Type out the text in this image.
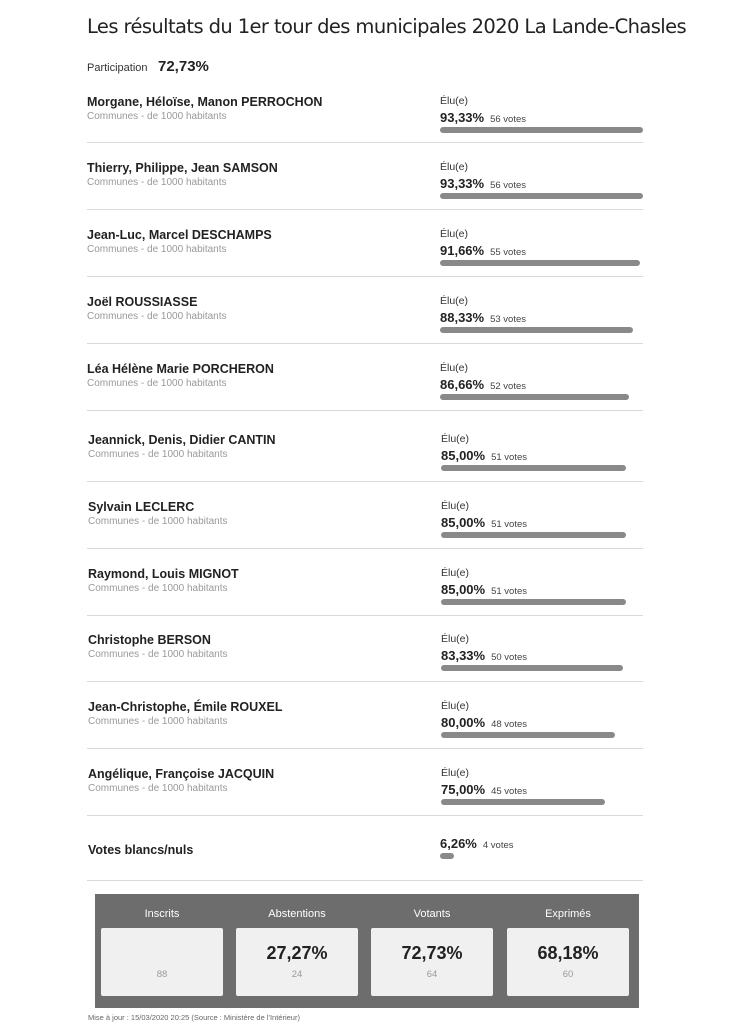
Les résultats du 1er tour des municipales 2020 La Lande-Chasles
Participation 72,73%
Morgane, Héloïse, Manon PERROCHON
Communes - de 1000 habitants
Élu(e)
93,33% 56 votes
Thierry, Philippe, Jean SAMSON
Communes - de 1000 habitants
Élu(e)
93,33% 56 votes
Jean-Luc, Marcel DESCHAMPS
Communes - de 1000 habitants
Élu(e)
91,66% 55 votes
Joël ROUSSIASSE
Communes - de 1000 habitants
Élu(e)
88,33% 53 votes
Léa Hélène Marie PORCHERON
Communes - de 1000 habitants
Élu(e)
86,66% 52 votes
Jeannick, Denis, Didier CANTIN
Communes - de 1000 habitants
Élu(e)
85,00% 51 votes
Sylvain LECLERC
Communes - de 1000 habitants
Élu(e)
85,00% 51 votes
Raymond, Louis MIGNOT
Communes - de 1000 habitants
Élu(e)
85,00% 51 votes
Christophe BERSON
Communes - de 1000 habitants
Élu(e)
83,33% 50 votes
Jean-Christophe, Émile ROUXEL
Communes - de 1000 habitants
Élu(e)
80,00% 48 votes
Angélique, Françoise JACQUIN
Communes - de 1000 habitants
Élu(e)
75,00% 45 votes
Votes blancs/nuls	6,26% 4 votes
Inscrits
88
Abstentions
27,27%
24
Votants
72,73%
64
Exprimés
68,18%
60
Mise à jour : 15/03/2020 20:25 (Source : Ministère de l'Intérieur)
